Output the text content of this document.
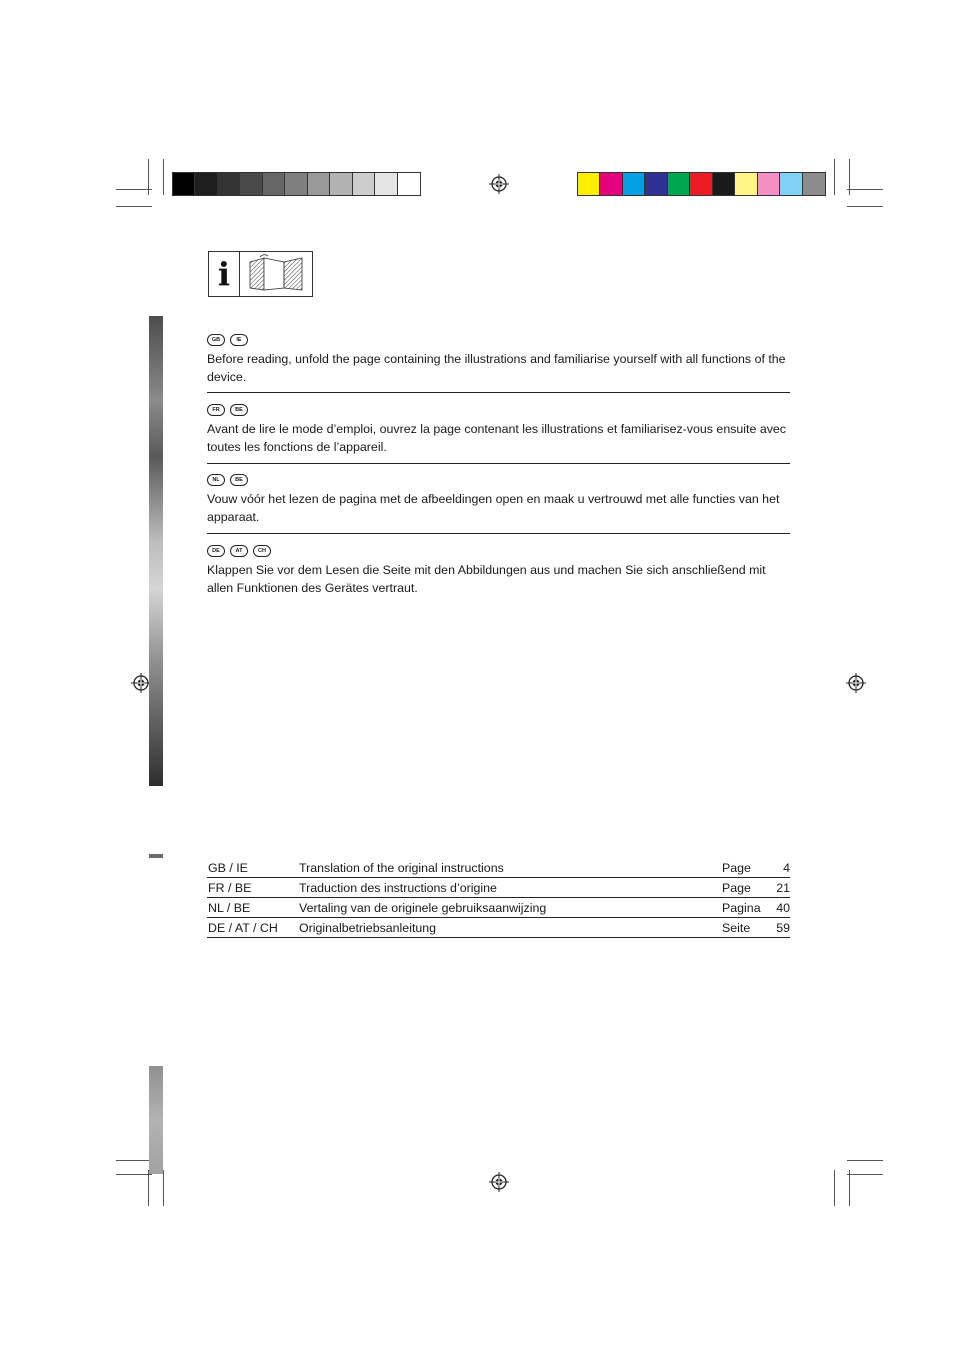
i
GB	IE

Before reading, unfold the page containing the illustrations and familiarise yourself with all functions of the device.

FR	BE

Avant de lire le mode d’emploi, ouvrez la page contenant les illustrations et familiarisez-vous ensuite avec toutes les fonctions de l’appareil.

NL	BE

Vouw vóór het lezen de pagina met de afbeeldingen open en maak u vertrouwd met alle functies van het apparaat.

DE	AT	CH

Klappen Sie vor dem Lesen die Seite mit den Abbildungen aus und machen Sie sich anschließend mit allen Funktionen des Gerätes vertraut.

GB / IE	Translation of the original instructions	Page	4
FR / BE	Traduction des instructions d’origine	Page	21
NL / BE	Vertaling van de originele gebruiksaanwijzing	Pagina	40
DE / AT / CH	Originalbetriebsanleitung	Seite	59
